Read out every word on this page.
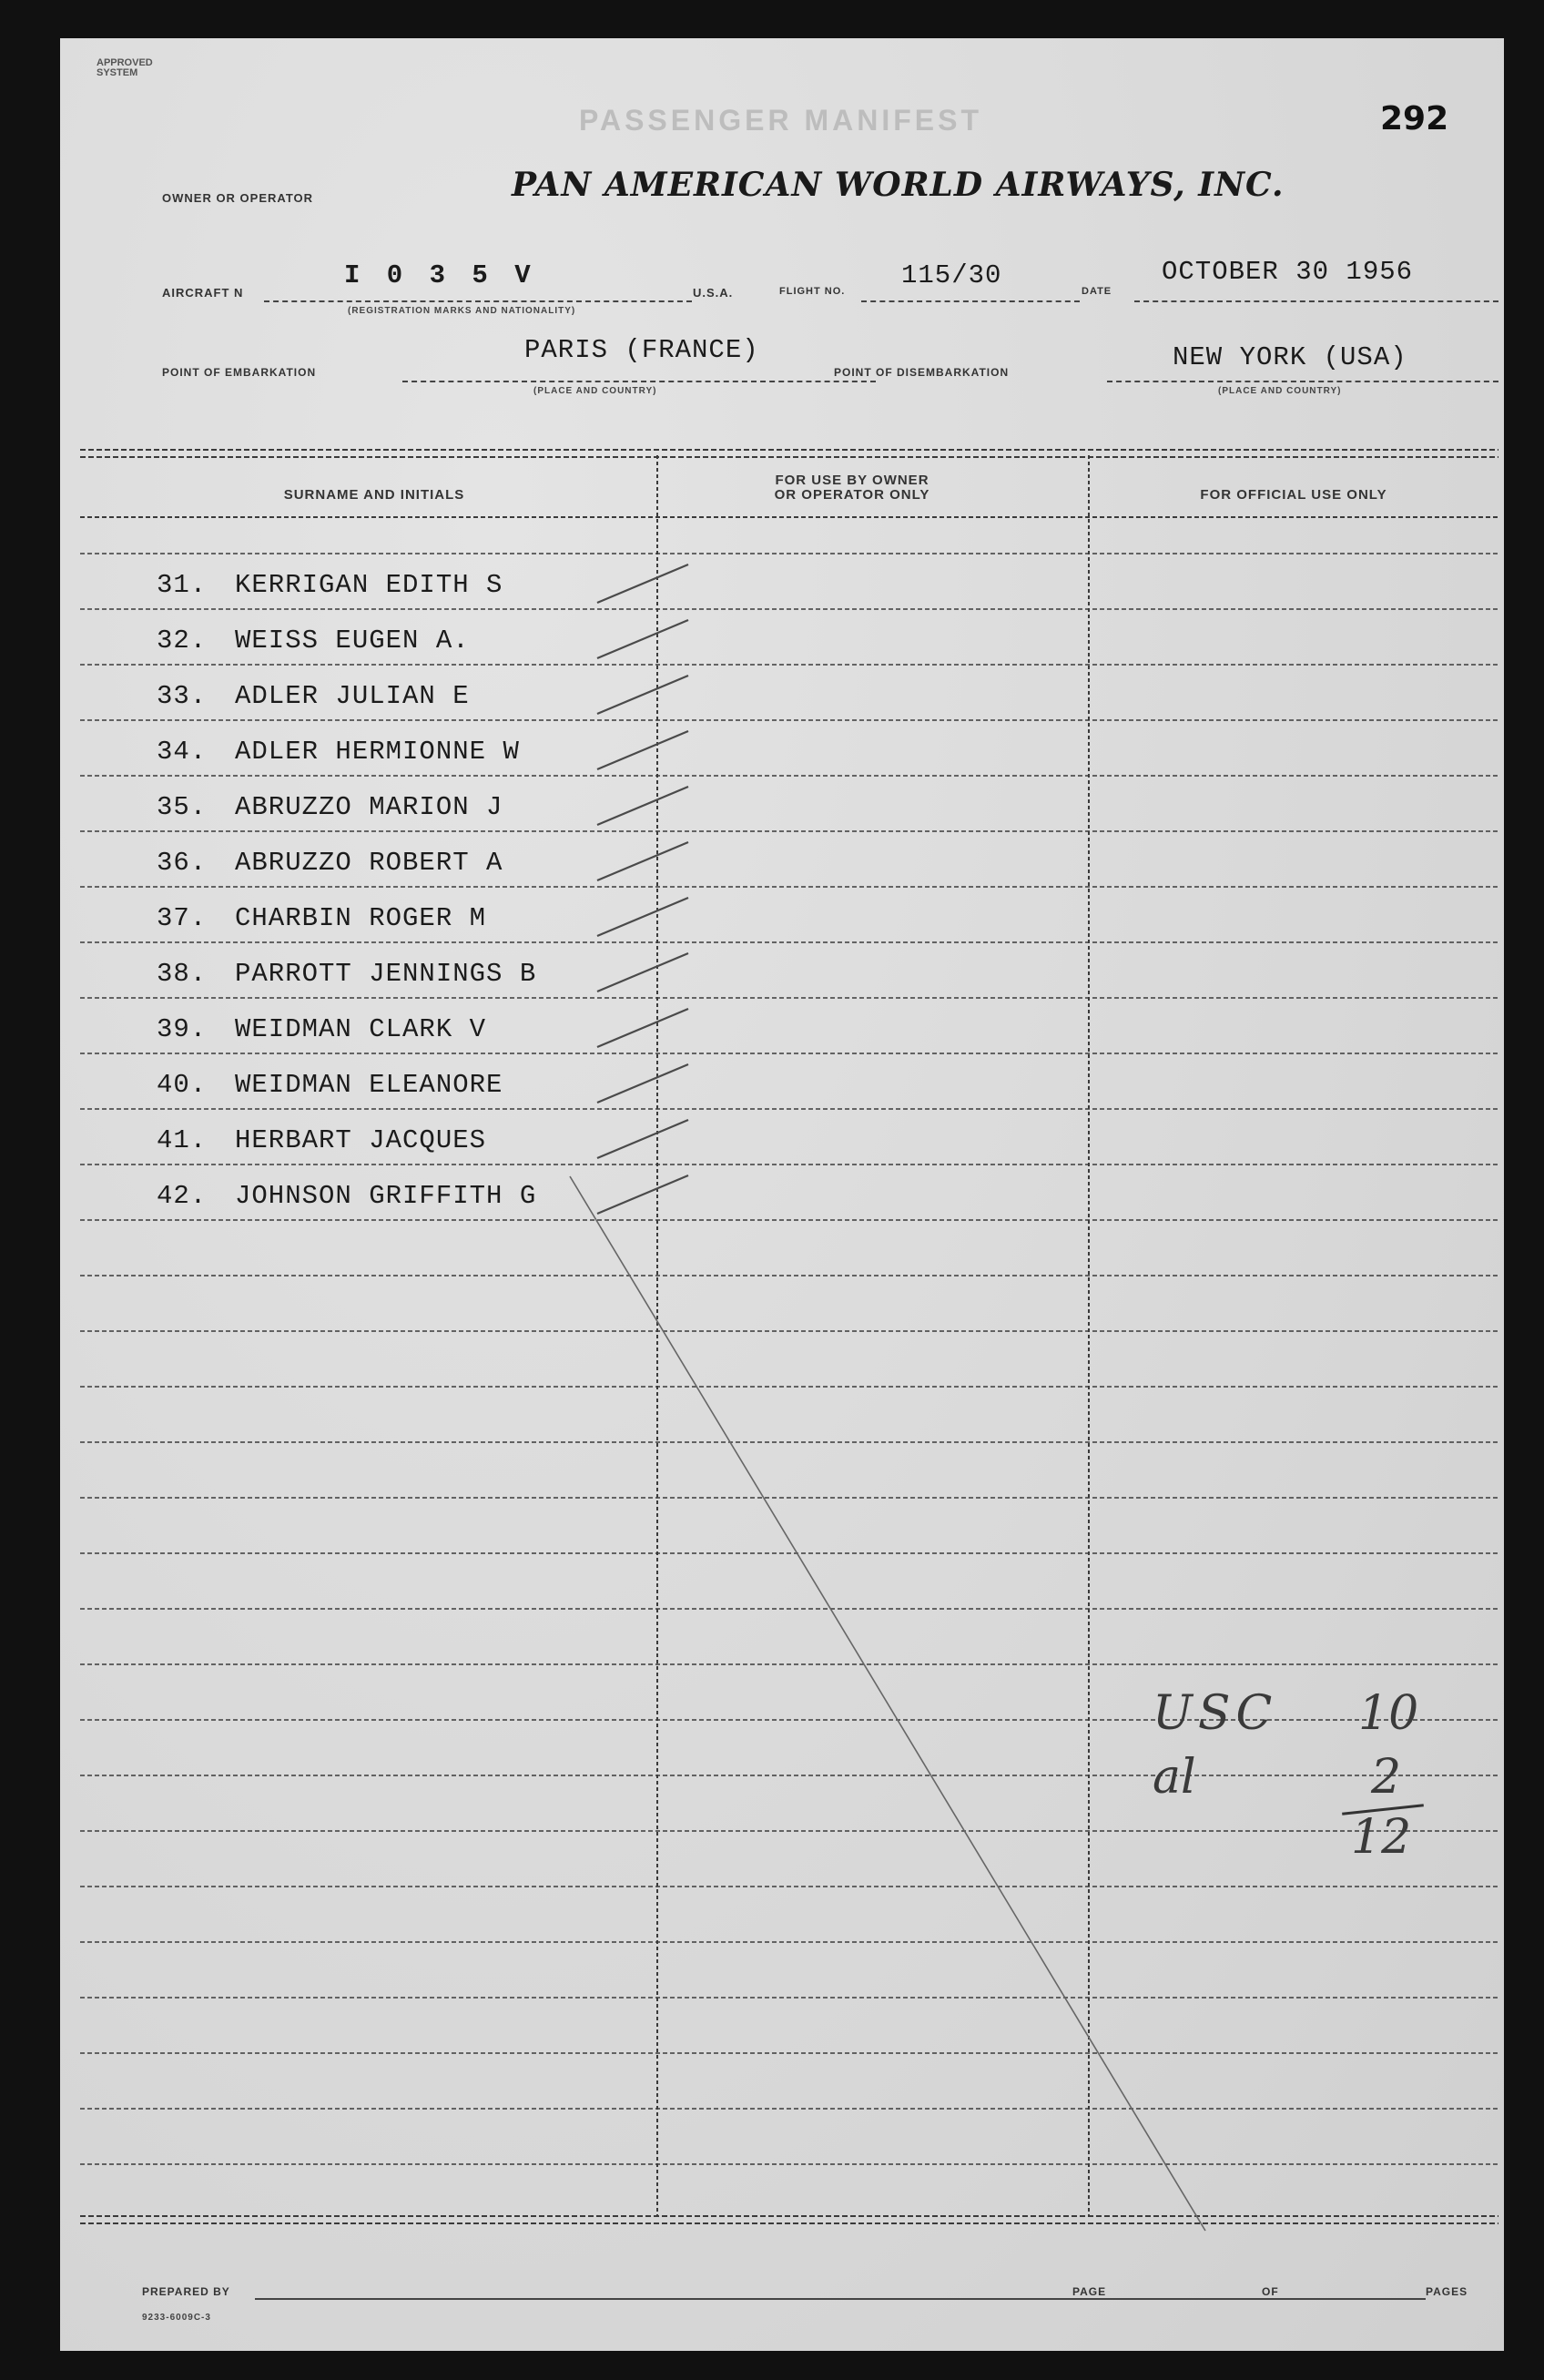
APPROVED
SYSTEM
PASSENGER MANIFEST	292
OWNER OR OPERATOR	PAN AMERICAN WORLD AIRWAYS, INC.
AIRCRAFT N
I 0 3 5 V
(REGISTRATION MARKS AND NATIONALITY)
U.S.A.	FLIGHT NO.
115/30
DATE
OCTOBER 30 1956
POINT OF EMBARKATION
PARIS (FRANCE)
(PLACE AND COUNTRY)
POINT OF DISEMBARKATION	NEW YORK (USA)
(PLACE AND COUNTRY)
SURNAME AND INITIALS
FOR USE BY OWNER
OR OPERATOR ONLY	FOR OFFICIAL USE ONLY
31. KERRIGAN EDITH S
32. WEISS EUGEN A.
33. ADLER JULIAN E
34. ADLER HERMIONNE W
35. ABRUZZO MARION J
36. ABRUZZO ROBERT A
37. CHARBIN ROGER M
38. PARROTT JENNINGS B
39. WEIDMAN CLARK V
40. WEIDMAN ELEANORE
41. HERBART JACQUES
42. JOHNSON GRIFFITH G
USC 10
al	2
12
PREPARED BY	PAGE	OF	PAGES
9233-6009C-3
